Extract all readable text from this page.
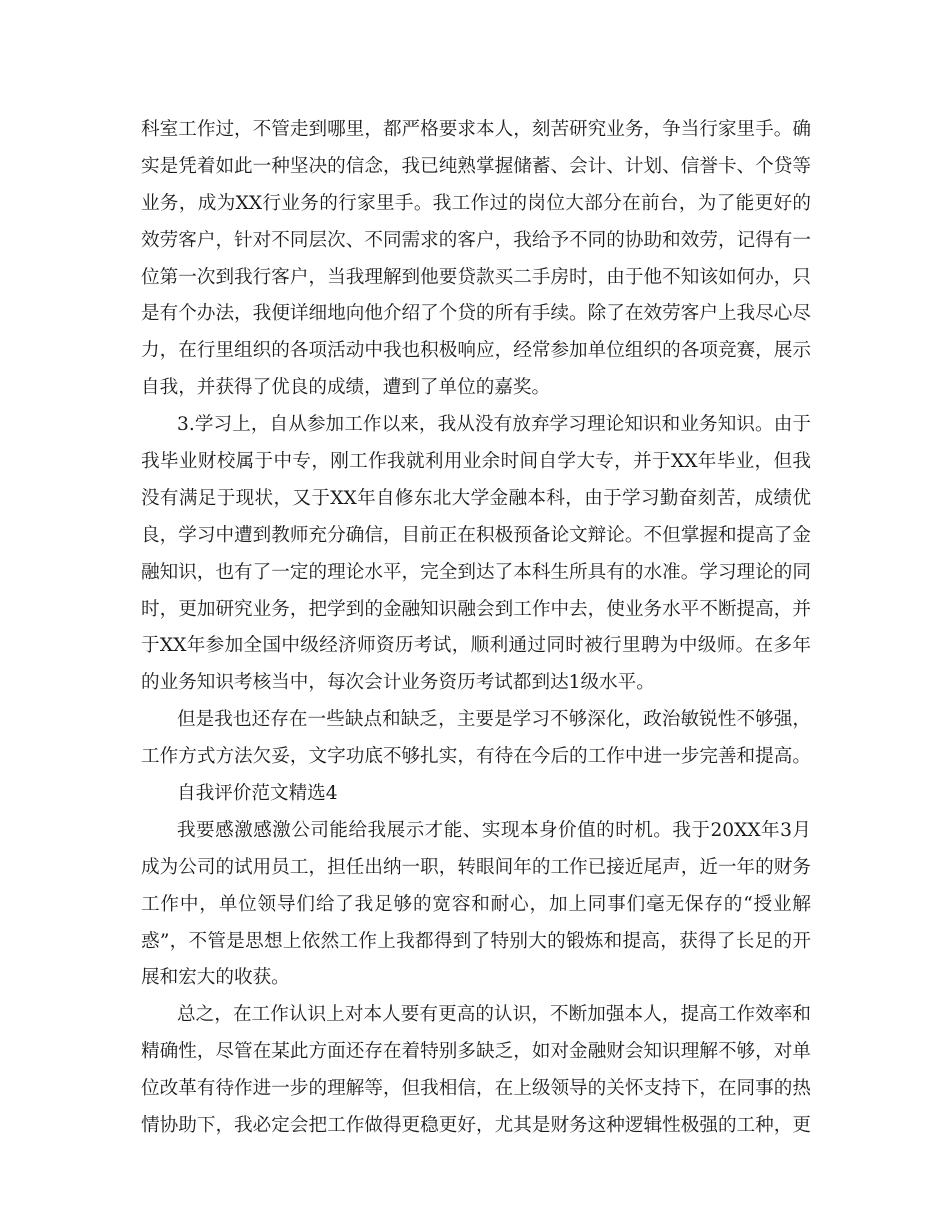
科室工作过，不管走到哪里，都严格要求本人，刻苦研究业务，争当行家里手。确
实是凭着如此一种坚决的信念，我已纯熟掌握储蓄、会计、计划、信誉卡、个贷等
业务，成为XX行业务的行家里手。我工作过的岗位大部分在前台，为了能更好的
效劳客户，针对不同层次、不同需求的客户，我给予不同的协助和效劳，记得有一
位第一次到我行客户，当我理解到他要贷款买二手房时，由于他不知该如何办，只
是有个办法，我便详细地向他介绍了个贷的所有手续。除了在效劳客户上我尽心尽
力，在行里组织的各项活动中我也积极响应，经常参加单位组织的各项竞赛，展示
自我，并获得了优良的成绩，遭到了单位的嘉奖。
3.学习上，自从参加工作以来，我从没有放弃学习理论知识和业务知识。由于
我毕业财校属于中专，刚工作我就利用业余时间自学大专，并于XX年毕业，但我
没有满足于现状，又于XX年自修东北大学金融本科，由于学习勤奋刻苦，成绩优
良，学习中遭到教师充分确信，目前正在积极预备论文辩论。不但掌握和提高了金
融知识，也有了一定的理论水平，完全到达了本科生所具有的水准。学习理论的同
时，更加研究业务，把学到的金融知识融会到工作中去，使业务水平不断提高，并
于XX年参加全国中级经济师资历考试，顺利通过同时被行里聘为中级师。在多年
的业务知识考核当中，每次会计业务资历考试都到达1级水平。
但是我也还存在一些缺点和缺乏，主要是学习不够深化，政治敏锐性不够强，
工作方式方法欠妥，文字功底不够扎实，有待在今后的工作中进一步完善和提高。
自我评价范文精选4
我要感激感激公司能给我展示才能、实现本身价值的时机。我于20XX年3月
成为公司的试用员工，担任出纳一职，转眼间年的工作已接近尾声，近一年的财务
工作中，单位领导们给了我足够的宽容和耐心，加上同事们毫无保存的“授业解
惑”，不管是思想上依然工作上我都得到了特别大的锻炼和提高，获得了长足的开
展和宏大的收获。
总之，在工作认识上对本人要有更高的认识，不断加强本人，提高工作效率和
精确性，尽管在某此方面还存在着特别多缺乏，如对金融财会知识理解不够，对单
位改革有待作进一步的理解等，但我相信，在上级领导的关怀支持下，在同事的热
情协助下，我必定会把工作做得更稳更好，尤其是财务这种逻辑性极强的工种，更
